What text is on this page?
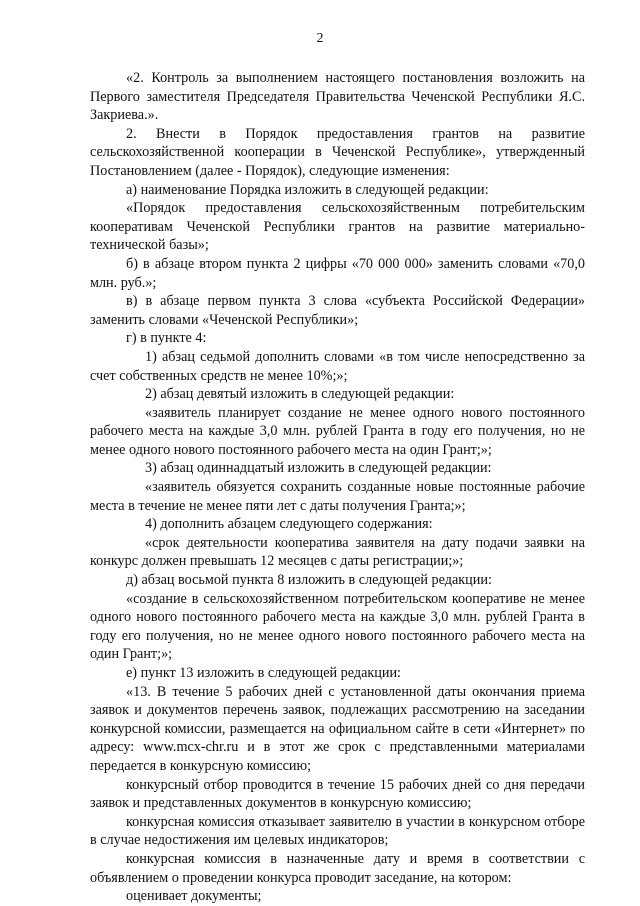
2

«2. Контроль за выполнением настоящего постановления возложить на Первого заместителя Председателя Правительства Чеченской Республики Я.С. Закриева.».

2. Внести в Порядок предоставления грантов на развитие сельскохозяйственной кооперации в Чеченской Республике», утвержденный Постановлением (далее - Порядок), следующие изменения:

а) наименование Порядка изложить в следующей редакции:

«Порядок предоставления сельскохозяйственным потребительским кооперативам Чеченской Республики грантов на развитие материально-технической базы»;

б) в абзаце втором пункта 2 цифры «70 000 000» заменить словами «70,0 млн. руб.»;

в) в абзаце первом пункта 3 слова «субъекта Российской Федерации» заменить словами «Чеченской Республики»;

г) в пункте 4:

1) абзац седьмой дополнить словами «в том числе непосредственно за счет собственных средств не менее 10%;»;

2) абзац девятый изложить в следующей редакции:

«заявитель планирует создание не менее одного нового постоянного рабочего места на каждые 3,0 млн. рублей Гранта в году его получения, но не менее одного нового постоянного рабочего места на один Грант;»;

3) абзац одиннадцатый изложить в следующей редакции:

«заявитель обязуется сохранить созданные новые постоянные рабочие места в течение не менее пяти лет с даты получения Гранта;»;

4) дополнить абзацем следующего содержания:

«срок деятельности кооператива заявителя на дату подачи заявки на конкурс должен превышать 12 месяцев с даты регистрации;»;

д) абзац восьмой пункта 8 изложить в следующей редакции:

«создание в сельскохозяйственном потребительском кооперативе не менее одного нового постоянного рабочего места на каждые 3,0 млн. рублей Гранта в году его получения, но не менее одного нового постоянного рабочего места на один Грант;»;

е) пункт 13 изложить в следующей редакции:

«13. В течение 5 рабочих дней с установленной даты окончания приема заявок и документов перечень заявок, подлежащих рассмотрению на заседании конкурсной комиссии, размещается на официальном сайте в сети «Интернет» по адресу: www.mcx-chr.ru и в этот же срок с представленными материалами передается в конкурсную комиссию;

конкурсный отбор проводится в течение 15 рабочих дней со дня передачи заявок и представленных документов в конкурсную комиссию;

конкурсная комиссия отказывает заявителю в участии в конкурсном отборе в случае недостижения им целевых индикаторов;

конкурсная комиссия в назначенные дату и время в соответствии с объявлением о проведении конкурса проводит заседание, на котором:

оценивает документы;
